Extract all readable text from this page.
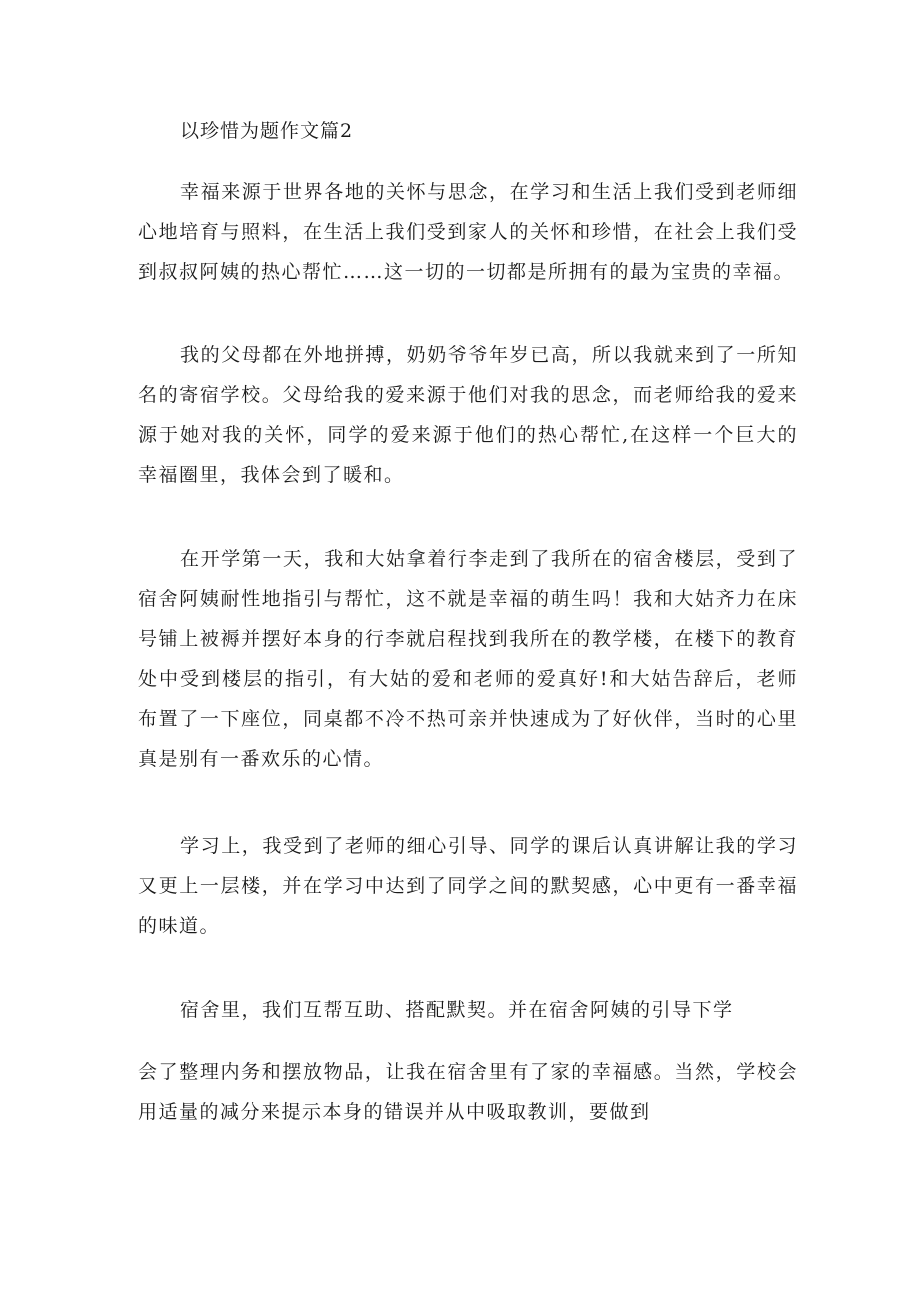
以珍惜为题作文篇2

幸福来源于世界各地的关怀与思念，在学习和生活上我们受到老师细心地培育与照料，在生活上我们受到家人的关怀和珍惜，在社会上我们受到叔叔阿姨的热心帮忙……这一切的一切都是所拥有的最为宝贵的幸福。

我的父母都在外地拼搏，奶奶爷爷年岁已高，所以我就来到了一所知名的寄宿学校。父母给我的爱来源于他们对我的思念，而老师给我的爱来源于她对我的关怀，同学的爱来源于他们的热心帮忙,在这样一个巨大的幸福圈里，我体会到了暖和。

在开学第一天，我和大姑拿着行李走到了我所在的宿舍楼层，受到了宿舍阿姨耐性地指引与帮忙，这不就是幸福的萌生吗！我和大姑齐力在床号铺上被褥并摆好本身的行李就启程找到我所在的教学楼，在楼下的教育处中受到楼层的指引，有大姑的爱和老师的爱真好!和大姑告辞后，老师布置了一下座位，同桌都不冷不热可亲并快速成为了好伙伴，当时的心里真是别有一番欢乐的心情。

学习上，我受到了老师的细心引导、同学的课后认真讲解让我的学习又更上一层楼，并在学习中达到了同学之间的默契感，心中更有一番幸福的味道。

宿舍里，我们互帮互助、搭配默契。并在宿舍阿姨的引导下学

会了整理内务和摆放物品，让我在宿舍里有了家的幸福感。当然，学校会用适量的减分来提示本身的错误并从中吸取教训，要做到
